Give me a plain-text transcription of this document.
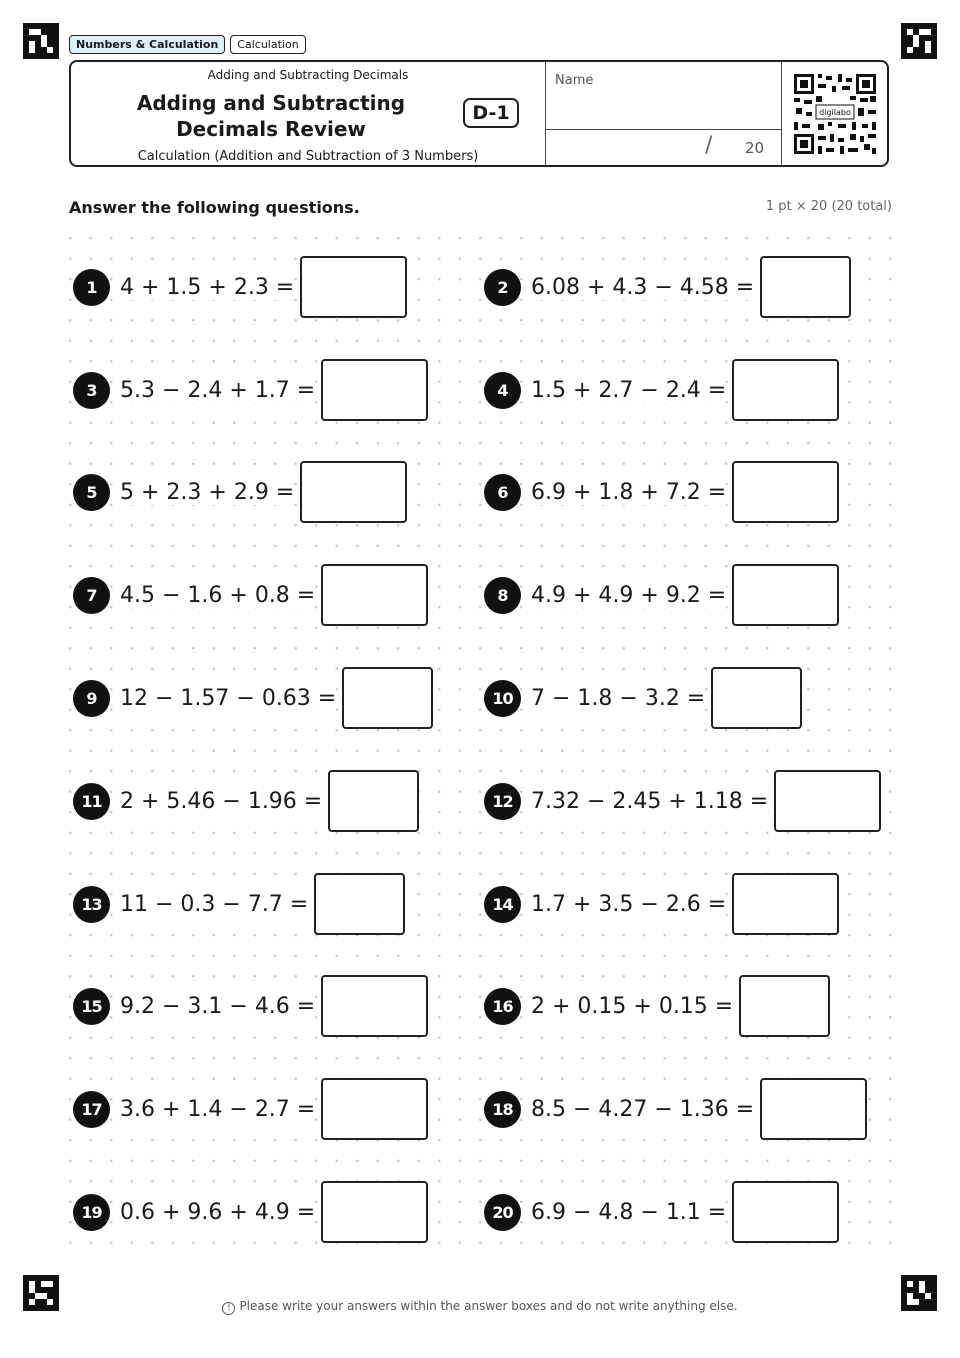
Numbers & Calculation	Calculation
Adding and Subtracting Decimals
Adding and Subtracting Decimals Review
D-1
Calculation (Addition and Subtraction of 3 Numbers)
Name
/ 20
digilabo
Answer the following questions.	1 pt × 20 (20 total)
1	4 + 1.5 + 2.3 =	2	6.08 + 4.3 − 4.58 =
3	5.3 − 2.4 + 1.7 =	4	1.5 + 2.7 − 2.4 =
5	5 + 2.3 + 2.9 =	6	6.9 + 1.8 + 7.2 =
7	4.5 − 1.6 + 0.8 =	8	4.9 + 4.9 + 9.2 =
9	12 − 1.57 − 0.63 =	10 7 − 1.8 − 3.2 =
11 2 + 5.46 − 1.96 =	12 7.32 − 2.45 + 1.18 =
13 11 − 0.3 − 7.7 =	14 1.7 + 3.5 − 2.6 =
15 9.2 − 3.1 − 4.6 =	16 2 + 0.15 + 0.15 =
17 3.6 + 1.4 − 2.7 =	18 8.5 − 4.27 − 1.36 =
19 0.6 + 9.6 + 4.9 =	20 6.9 − 4.8 − 1.1 =
! Please write your answers within the answer boxes and do not write anything else.
